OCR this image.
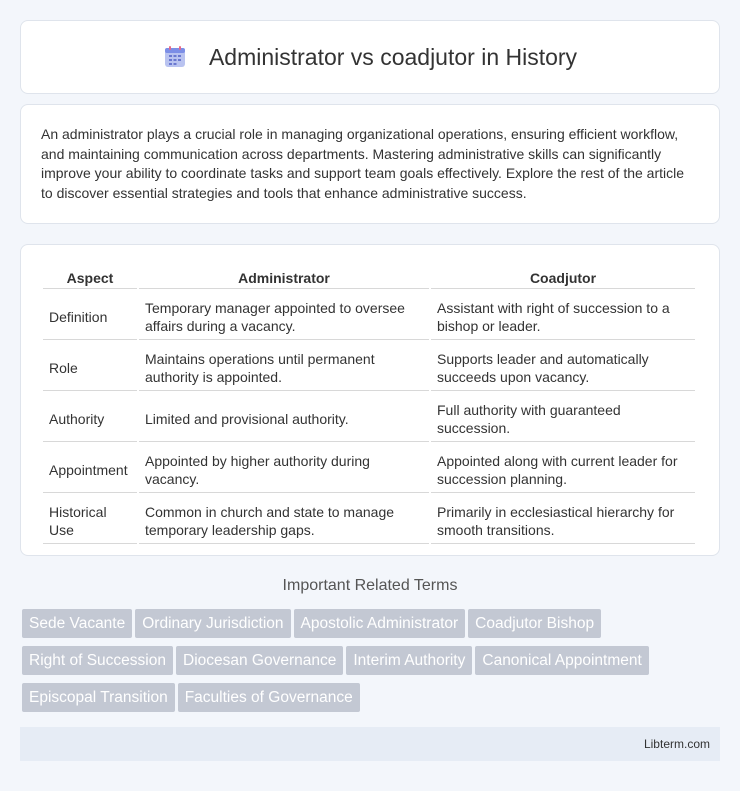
Administrator vs coadjutor in History

An administrator plays a crucial role in managing organizational operations, ensuring efficient workflow, and maintaining communication across departments. Mastering administrative skills can significantly improve your ability to coordinate tasks and support team goals effectively. Explore the rest of the article to discover essential strategies and tools that enhance administrative success.

Aspect	Administrator	Coadjutor
Definition	Temporary manager appointed to oversee affairs during a vacancy.	Assistant with right of succession to a bishop or leader.
Role	Maintains operations until permanent authority is appointed.	Supports leader and automatically succeeds upon vacancy.
Authority	Limited and provisional authority.	Full authority with guaranteed succession.
Appointment	Appointed by higher authority during vacancy.	Appointed along with current leader for succession planning.
Historical Use	Common in church and state to manage temporary leadership gaps.	Primarily in ecclesiastical hierarchy for smooth transitions.
Important Related Terms
Sede Vacante Ordinary Jurisdiction Apostolic Administrator Coadjutor Bishop
Right of Succession Diocesan Governance Interim Authority Canonical Appointment
Episcopal Transition Faculties of Governance
Libterm.com
